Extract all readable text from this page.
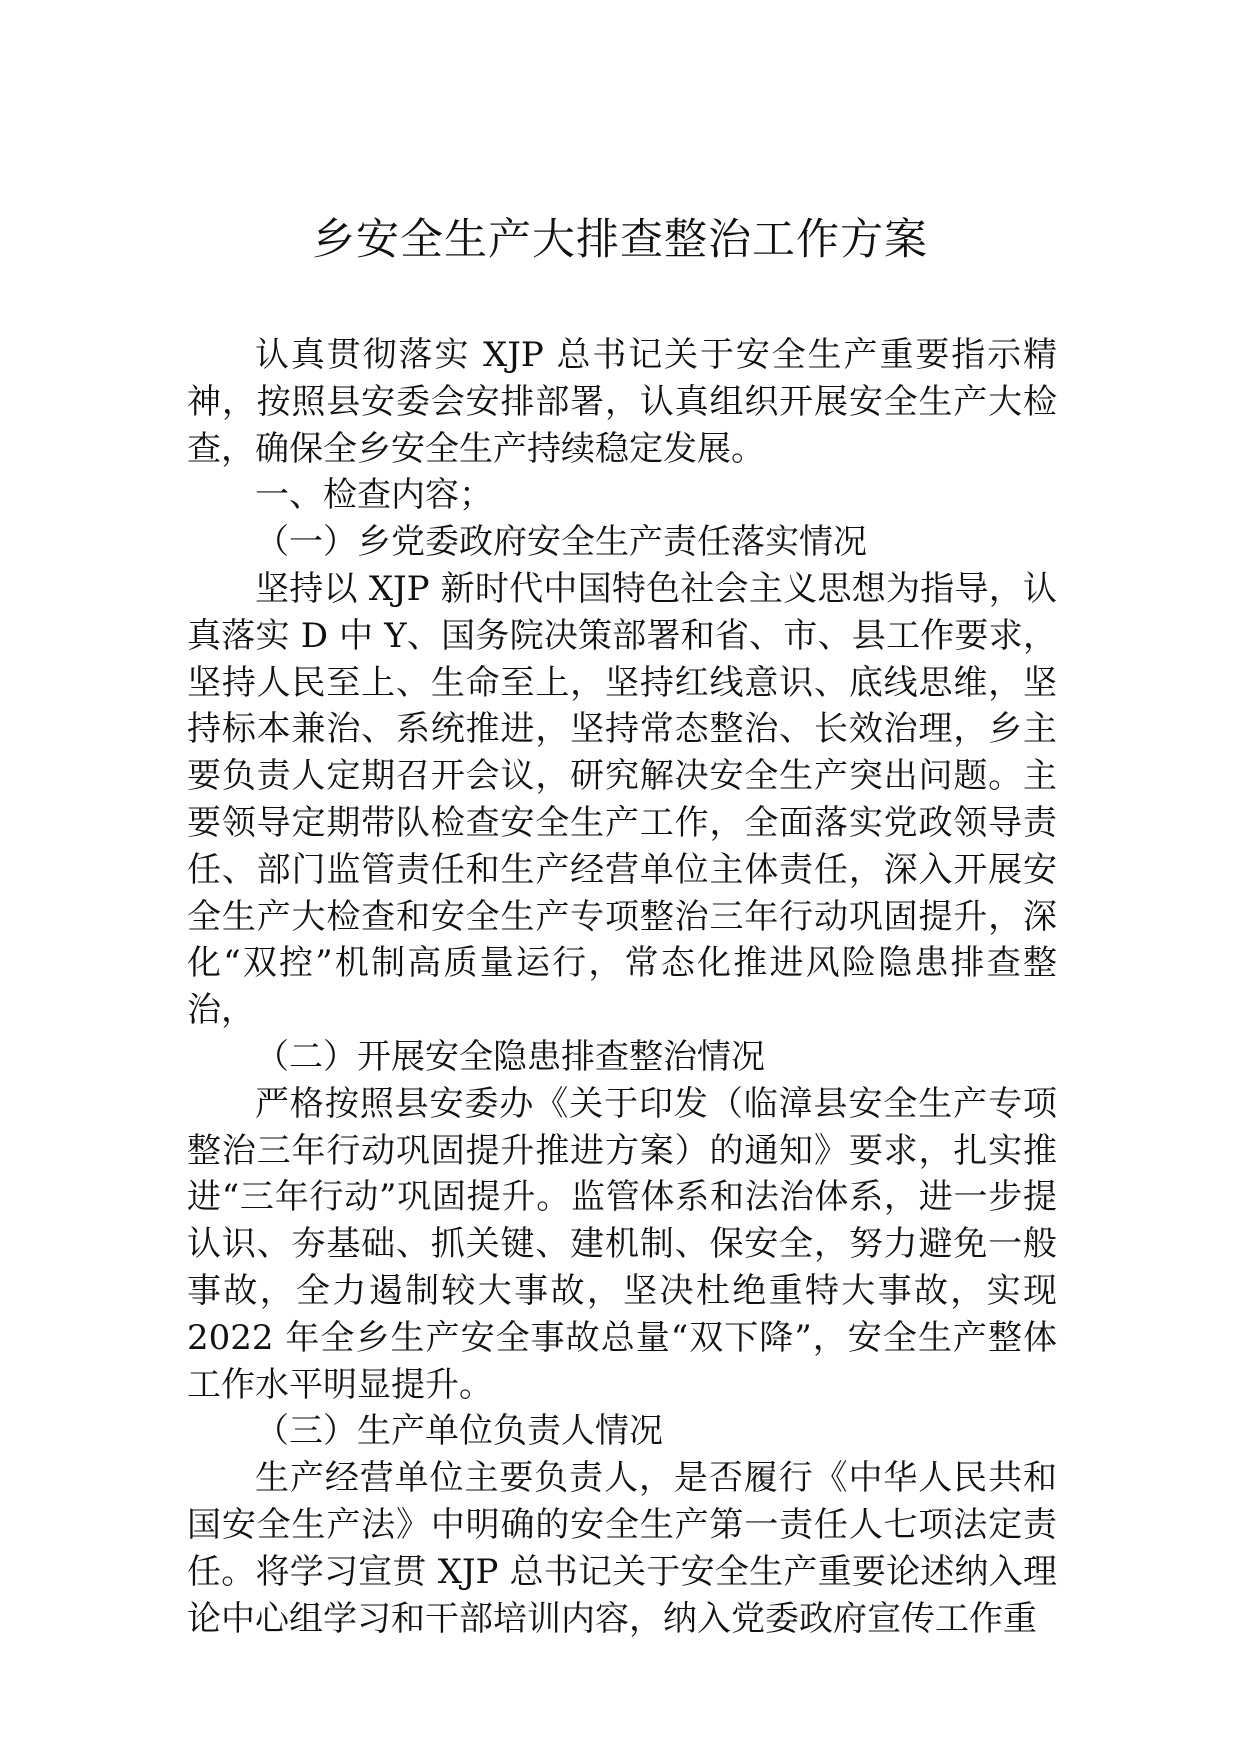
乡安全生产大排查整治工作方案

认真贯彻落实 XJP 总书记关于安全生产重要指示精神，按照县安委会安排部署，认真组织开展安全生产大检查，确保全乡安全生产持续稳定发展。

一、检查内容；

（一）乡党委政府安全生产责任落实情况

坚持以 XJP 新时代中国特色社会主义思想为指导，认真落实 D 中 Y、国务院决策部署和省、市、县工作要求，坚持人民至上、生命至上，坚持红线意识、底线思维，坚持标本兼治、系统推进，坚持常态整治、长效治理，乡主要负责人定期召开会议，研究解决安全生产突出问题。主要领导定期带队检查安全生产工作，全面落实党政领导责任、部门监管责任和生产经营单位主体责任，深入开展安全生产大检查和安全生产专项整治三年行动巩固提升，深化“双控”机制高质量运行，常态化推进风险隐患排查整治，

（二）开展安全隐患排查整治情况

严格按照县安委办《关于印发（临漳县安全生产专项整治三年行动巩固提升推进方案）的通知》要求，扎实推进“三年行动”巩固提升。监管体系和法治体系，进一步提认识、夯基础、抓关键、建机制、保安全，努力避免一般事故，全力遏制较大事故，坚决杜绝重特大事故，实现 2022 年全乡生产安全事故总量“双下降”，安全生产整体工作水平明显提升。

（三）生产单位负责人情况

生产经营单位主要负责人，是否履行《中华人民共和国安全生产法》中明确的安全生产第一责任人七项法定责任。将学习宣贯 XJP 总书记关于安全生产重要论述纳入理论中心组学习和干部培训内容，纳入党委政府宣传工作重
